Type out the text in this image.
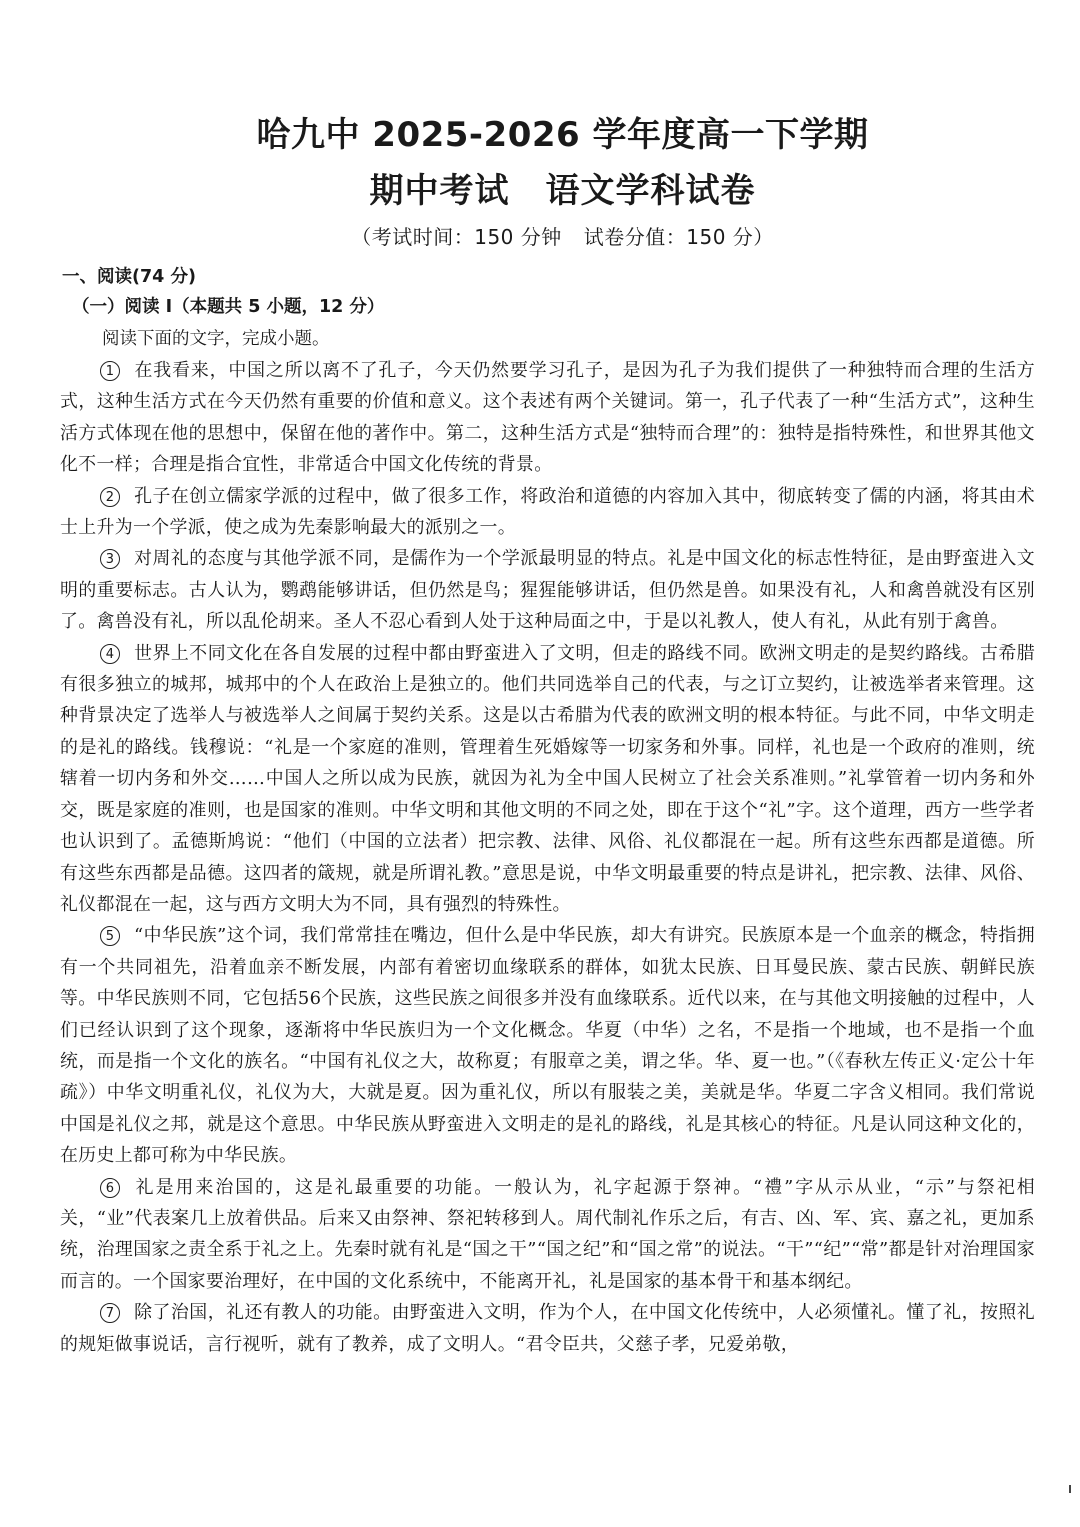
哈九中 2025-2026 学年度高一下学期
期中考试 语文学科试卷
（考试时间：150 分钟 试卷分值：150 分）
一、阅读(74 分)
（一）阅读 I（本题共 5 小题，12 分）
阅读下面的文字，完成小题。

1 在我看来，中国之所以离不了孔子，今天仍然要学习孔子，是因为孔子为我们提供了一种独特而合理的生活方式，这种生活方式在今天仍然有重要的价值和意义。这个表述有两个关键词。第一，孔子代表了一种“生活方式”，这种生活方式体现在他的思想中，保留在他的著作中。第二，这种生活方式是“独特而合理”的：独特是指特殊性，和世界其他文化不一样；合理是指合宜性，非常适合中国文化传统的背景。

2 孔子在创立儒家学派的过程中，做了很多工作，将政治和道德的内容加入其中，彻底转变了儒的内涵，将其由术士上升为一个学派，使之成为先秦影响最大的派别之一。

3 对周礼的态度与其他学派不同，是儒作为一个学派最明显的特点。礼是中国文化的标志性特征，是由野蛮进入文明的重要标志。古人认为，鹦鹉能够讲话，但仍然是鸟；猩猩能够讲话，但仍然是兽。如果没有礼，人和禽兽就没有区别了。禽兽没有礼，所以乱伦胡来。圣人不忍心看到人处于这种局面之中，于是以礼教人，使人有礼，从此有别于禽兽。

4 世界上不同文化在各自发展的过程中都由野蛮进入了文明，但走的路线不同。欧洲文明走的是契约路线。古希腊有很多独立的城邦，城邦中的个人在政治上是独立的。他们共同选举自己的代表，与之订立契约，让被选举者来管理。这种背景决定了选举人与被选举人之间属于契约关系。这是以古希腊为代表的欧洲文明的根本特征。与此不同，中华文明走的是礼的路线。钱穆说：“礼是一个家庭的准则，管理着生死婚嫁等一切家务和外事。同样，礼也是一个政府的准则，统辖着一切内务和外交……中国人之所以成为民族，就因为礼为全中国人民树立了社会关系准则。”礼掌管着一切内务和外交，既是家庭的准则，也是国家的准则。中华文明和其他文明的不同之处，即在于这个“礼”字。这个道理，西方一些学者也认识到了。孟德斯鸠说：“他们（中国的立法者）把宗教、法律、风俗、礼仪都混在一起。所有这些东西都是道德。所有这些东西都是品德。这四者的箴规，就是所谓礼教。”意思是说，中华文明最重要的特点是讲礼，把宗教、法律、风俗、礼仪都混在一起，这与西方文明大为不同，具有强烈的特殊性。

5 “中华民族”这个词，我们常常挂在嘴边，但什么是中华民族，却大有讲究。民族原本是一个血亲的概念，特指拥有一个共同祖先，沿着血亲不断发展，内部有着密切血缘联系的群体，如犹太民族、日耳曼民族、蒙古民族、朝鲜民族等。中华民族则不同，它包括56个民族，这些民族之间很多并没有血缘联系。近代以来，在与其他文明接触的过程中，人们已经认识到了这个现象，逐渐将中华民族归为一个文化概念。华夏（中华）之名，不是指一个地域，也不是指一个血统，而是指一个文化的族名。“中国有礼仪之大，故称夏；有服章之美，谓之华。华、夏一也。”（《春秋左传正义·定公十年疏》）中华文明重礼仪，礼仪为大，大就是夏。因为重礼仪，所以有服装之美，美就是华。华夏二字含义相同。我们常说中国是礼仪之邦，就是这个意思。中华民族从野蛮进入文明走的是礼的路线，礼是其核心的特征。凡是认同这种文化的，在历史上都可称为中华民族。

6 礼是用来治国的，这是礼最重要的功能。一般认为，礼字起源于祭神。“禮”字从示从业，“示”与祭祀相关，“业”代表案几上放着供品。后来又由祭神、祭祀转移到人。周代制礼作乐之后，有吉、凶、军、宾、嘉之礼，更加系统，治理国家之责全系于礼之上。先秦时就有礼是“国之干”“国之纪”和“国之常”的说法。“干”“纪”“常”都是针对治理国家而言的。一个国家要治理好，在中国的文化系统中，不能离开礼，礼是国家的基本骨干和基本纲纪。

7 除了治国，礼还有教人的功能。由野蛮进入文明，作为个人，在中国文化传统中，人必须懂礼。懂了礼，按照礼的规矩做事说话，言行视听，就有了教养，成了文明人。“君令臣共，父慈子孝，兄爱弟敬，
